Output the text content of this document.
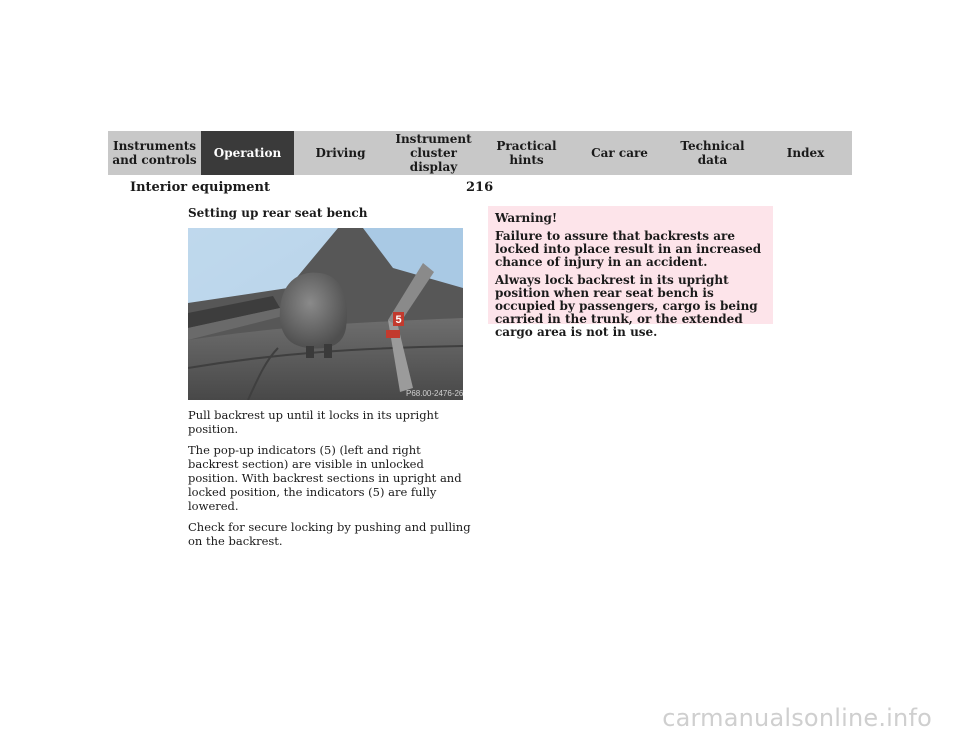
Instruments
and controls	Operation	Driving
Instrument
cluster display
Practical hints	Car care	Technical
data	Index
Interior equipment	216
Setting up rear seat bench
5
P68.00-2476-26

Pull backrest up until it locks in its upright position.

The pop-up indicators (5) (left and right backrest section) are visible in unlocked position. With backrest sections in upright and locked position, the indicators (5) are fully lowered.

Check for secure locking by pushing and pulling on the backrest.

Warning!

Failure to assure that backrests are locked into place result in an increased chance of injury in an accident.

Always lock backrest in its upright position when rear seat bench is occupied by passengers, cargo is being carried in the trunk, or the extended cargo area is not in use.

carmanualsonline.info
